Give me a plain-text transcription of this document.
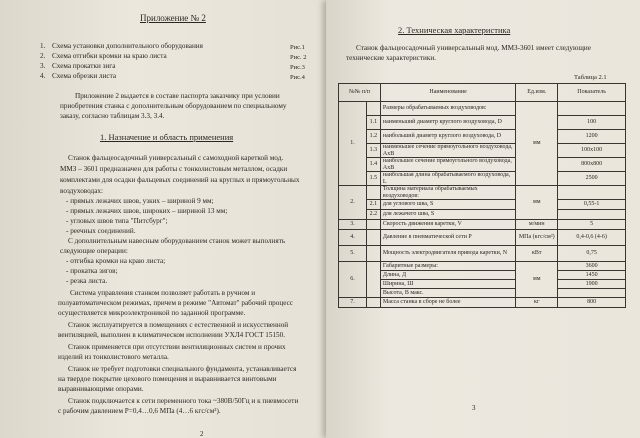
Приложение № 2
1. Схема установки дополнительного оборудования	Рис.1
2. Схема отгибки кромки на краю листа	Рис. 2
3. Схема прокатки зига	Рис.3
4. Схема обрезки листа	Рис.4
Приложение 2 выдается в составе паспорта заказчику при условии
приобретения станка с дополнительным оборудованием по специальному
заказу, согласно таблицам 3.3, 3.4.
1. Назначение и область применения
Станок фальцеосадочный универсальный с самоходной кареткой мод.
ММЗ – 3601 предназначен для работы с тонколистовым металлом, осадки
комплектами для осадки фальцевых соединений на круглых и прямоугольных
воздуховодах:
- прямых лежачих швов, узких – шириной 9 мм;
- прямых лежачих швов, широких – шириной 13 мм;
- угловых швов типа "Питсбург";
- реечных соединений.
С дополнительным навесным оборудованием станок может выполнять
следующие операции:
- отгибка кромки на краю листа;
- прокатка зигов;
- резка листа.
Система управления станком позволяет работать в ручном и
полуавтоматическом режимах, причем в режиме "Автомат" рабочий процесс
осуществляется микроэлектроникой по заданной программе.
Станок эксплуатируется в помещениях с естественной и искусственной
вентиляцией, выполнен в климатическом исполнении УХЛ4 ГОСТ 15150.
Станок применяется при отсутствии вентиляционных систем и прочих
изделий из тонколистового металла.
Станок не требует подготовки специального фундамента, устанавливается
на твердое покрытие цехового помещения и выравнивается винтовыми
выравнивающими опорами.
Станок подключается к сети переменного тока ~380В/50Гц и к пневмосети
с рабочим давлением Р=0,4…0,6 МПа (4…6 кгс/см²).
2
2. Техническая характеристика
Станок фальцеосадочный универсальный мод. ММЗ-3601 имеет следующие
технические характеристики.
Таблица 2.1
№№ п/п		Наименование	Ед.изм.	Показатель
1.		Размеры обрабатываемых воздуховодов:	мм	
	1.1	наименьший диаметр круглого воздуховода, D		100
	1.2	наибольший диаметр круглого воздуховода, D		1200
	1.3	наименьшее сечение прямоугольного воздуховода, AxB		100x100
	1.4	наибольшее сечение прямоугольного воздуховода, AxB		800x800
	1.5	наибольшая длина обрабатываемого воздуховода, L		2500
2.		Толщина материала обрабатываемых воздуховодов:	мм	
	2.1	для углового шва, S		0,55-1
	2.2	для лежачего шва, S		
3.		Скорость движения каретки, V	м/мин	5
4.		Давление в пневматической сети Р	МПа (кгс/см²)	0,4-0,6 (4-6)
5.		Мощность электродвигателя привода каретки, N	кВт	0,75
6.		Габаритные размеры:	мм	3600
		Длина, Д		1450
		Ширина, Ш		1900
		Высота, В макс.		
7.		Масса станка в сборе не более	кг	800
3
